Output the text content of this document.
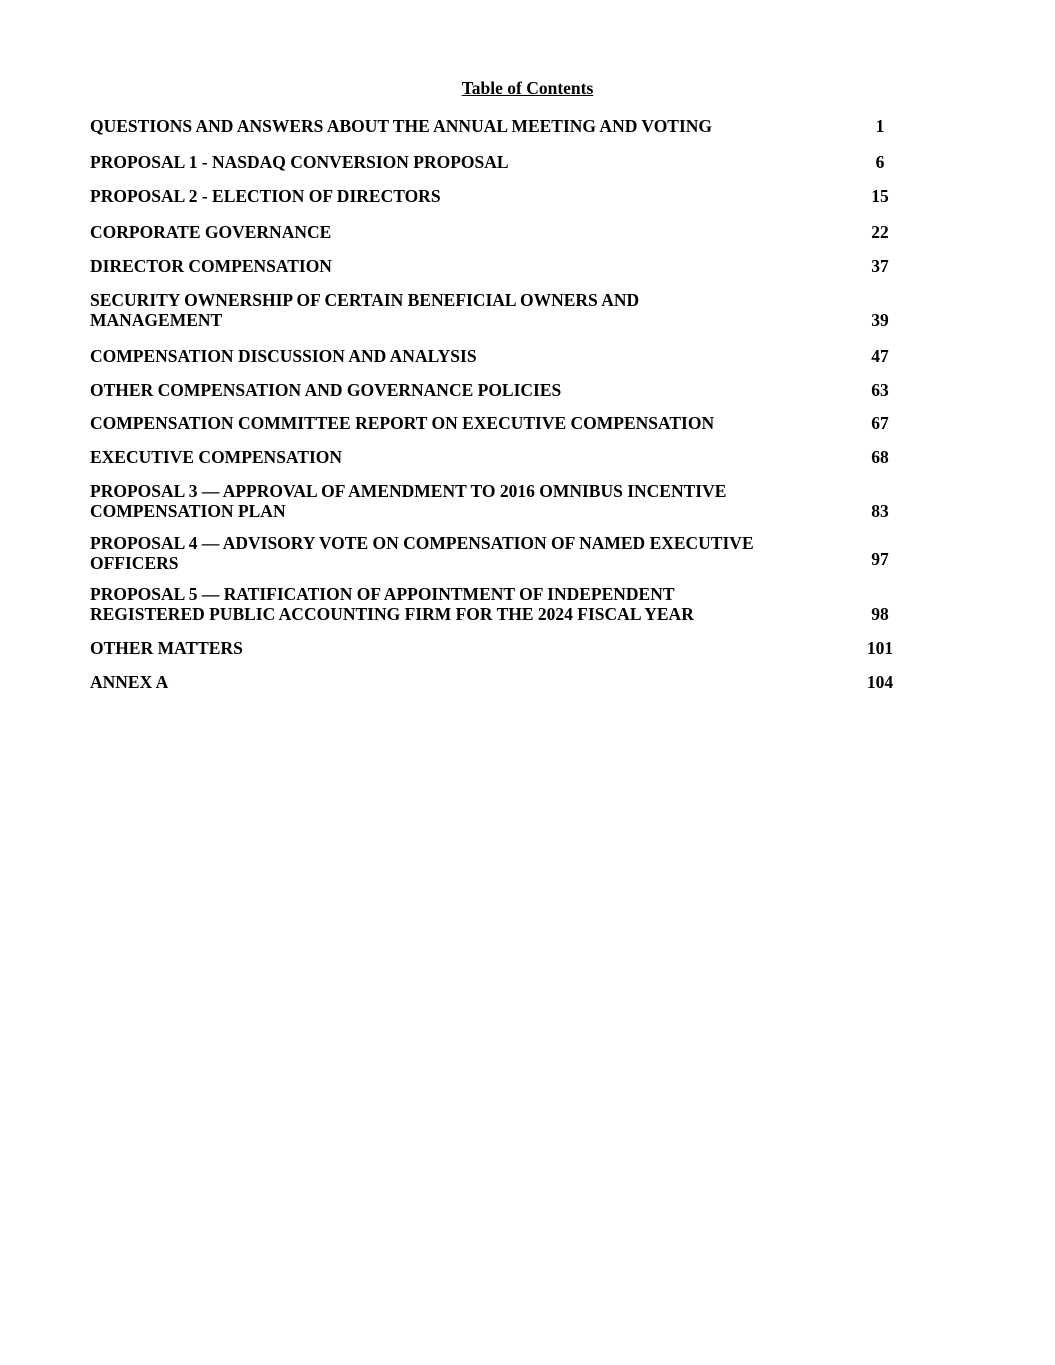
Table of Contents
QUESTIONS AND ANSWERS ABOUT THE ANNUAL MEETING AND VOTING	1
PROPOSAL 1 - NASDAQ CONVERSION PROPOSAL	6
PROPOSAL 2 - ELECTION OF DIRECTORS	15
CORPORATE GOVERNANCE	22
DIRECTOR COMPENSATION	37
SECURITY OWNERSHIP OF CERTAIN BENEFICIAL OWNERS AND MANAGEMENT	39
COMPENSATION DISCUSSION AND ANALYSIS	47
OTHER COMPENSATION AND GOVERNANCE POLICIES	63
COMPENSATION COMMITTEE REPORT ON EXECUTIVE COMPENSATION	67
EXECUTIVE COMPENSATION	68
PROPOSAL 3 — APPROVAL OF AMENDMENT TO 2016 OMNIBUS INCENTIVE COMPENSATION PLAN	83
PROPOSAL 4 — ADVISORY VOTE ON COMPENSATION OF NAMED EXECUTIVE OFFICERS	97
PROPOSAL 5 — RATIFICATION OF APPOINTMENT OF INDEPENDENT REGISTERED PUBLIC ACCOUNTING FIRM FOR THE 2024 FISCAL YEAR	98
OTHER MATTERS	101
ANNEX A	104
